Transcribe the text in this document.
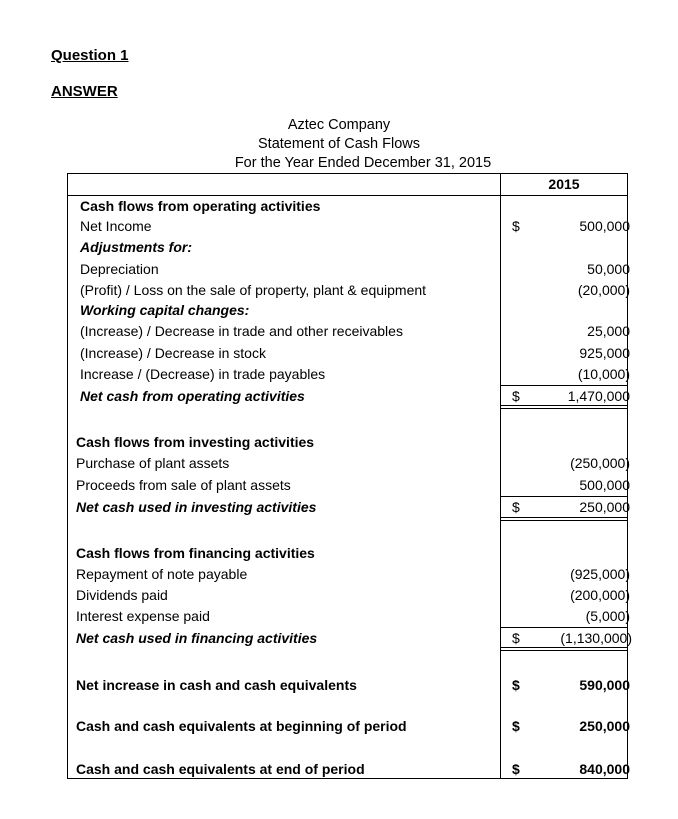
Question 1
ANSWER
Aztec Company
Statement of Cash Flows
For the Year Ended December 31, 2015
2015
Cash flows from operating activities
Net Income	$	500,000
Adjustments for:
Depreciation	50,000
(Profit) / Loss on the sale of property, plant & equipment	(20,000)
Working capital changes:
(Increase) / Decrease in trade and other receivables	25,000
(Increase) / Decrease in stock	925,000
Increase / (Decrease) in trade payables	(10,000)
Net cash from operating activities	$	1,470,000
Cash flows from investing activities
Purchase of plant assets	(250,000)
Proceeds from sale of plant assets	500,000
Net cash used in investing activities	$	250,000
Cash flows from financing activities
Repayment of note payable	(925,000)
Dividends paid	(200,000)
Interest expense paid	(5,000)
Net cash used in financing activities	$	(1,130,000)
Net increase in cash and cash equivalents	$	590,000
Cash and cash equivalents at beginning of period	$	250,000
Cash and cash equivalents at end of period	$	840,000
